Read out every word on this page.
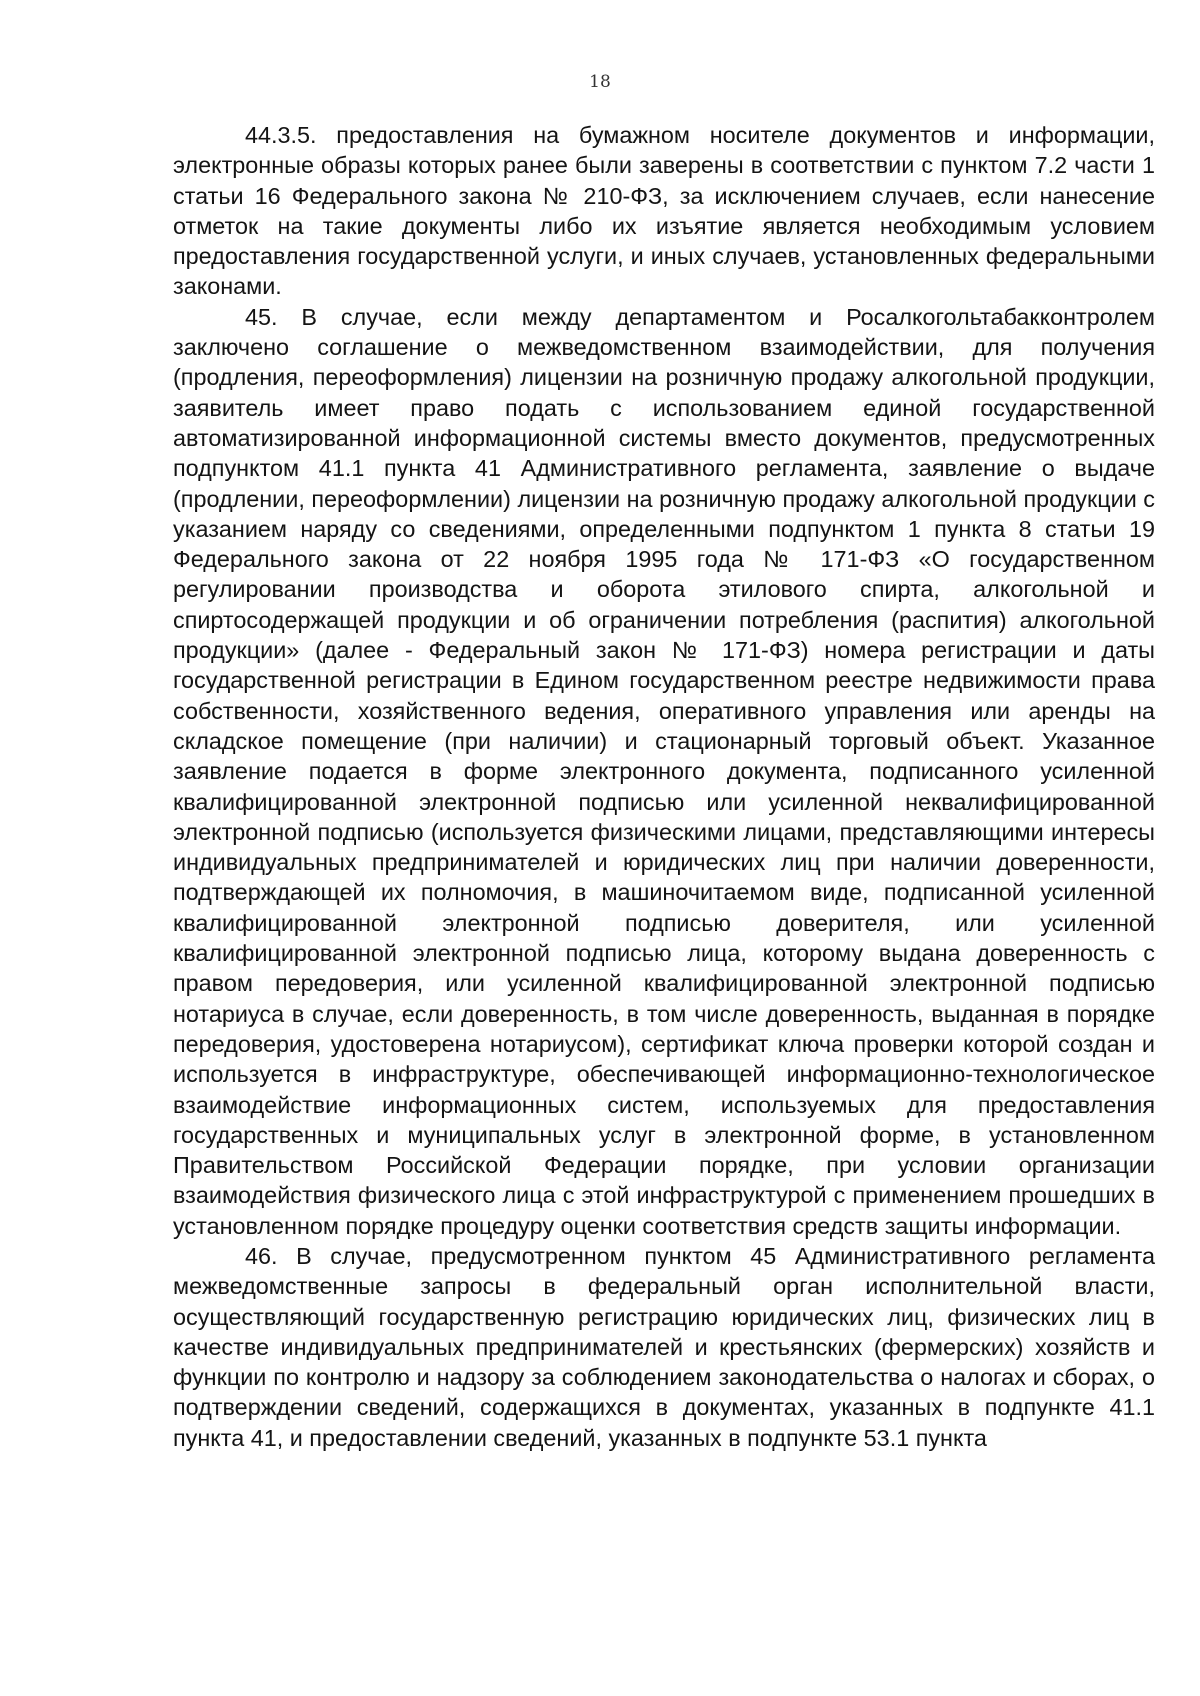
18

44.3.5. предоставления на бумажном носителе документов и информации, электронные образы которых ранее были заверены в соответствии с пунктом 7.2 части 1 статьи 16 Федерального закона № 210-ФЗ, за исключением случаев, если нанесение отметок на такие документы либо их изъятие является необходимым условием предоставления государственной услуги, и иных случаев, установленных федеральными законами.

45. В случае, если между департаментом и Росалкогольтабакконтролем заключено соглашение о межведомственном взаимодействии, для получения (продления, переоформления) лицензии на розничную продажу алкогольной продукции, заявитель имеет право подать с использованием единой государственной автоматизированной информационной системы вместо документов, предусмотренных подпунктом 41.1 пункта 41 Административного регламента, заявление о выдаче (продлении, переоформлении) лицензии на розничную продажу алкогольной продукции с указанием наряду со сведениями, определенными подпунктом 1 пункта 8 статьи 19 Федерального закона от 22 ноября 1995 года № 171-ФЗ «О государственном регулировании производства и оборота этилового спирта, алкогольной и спиртосодержащей продукции и об ограничении потребления (распития) алкогольной продукции» (далее - Федеральный закон № 171-ФЗ) номера регистрации и даты государственной регистрации в Едином государственном реестре недвижимости права собственности, хозяйственного ведения, оперативного управления или аренды на складское помещение (при наличии) и стационарный торговый объект. Указанное заявление подается в форме электронного документа, подписанного усиленной квалифицированной электронной подписью или усиленной неквалифицированной электронной подписью (используется физическими лицами, представляющими интересы индивидуальных предпринимателей и юридических лиц при наличии доверенности, подтверждающей их полномочия, в машиночитаемом виде, подписанной усиленной квалифицированной электронной подписью доверителя, или усиленной квалифицированной электронной подписью лица, которому выдана доверенность с правом передоверия, или усиленной квалифицированной электронной подписью нотариуса в случае, если доверенность, в том числе доверенность, выданная в порядке передоверия, удостоверена нотариусом), сертификат ключа проверки которой создан и используется в инфраструктуре, обеспечивающей информационно-технологическое взаимодействие информационных систем, используемых для предоставления государственных и муниципальных услуг в электронной форме, в установленном Правительством Российской Федерации порядке, при условии организации взаимодействия физического лица с этой инфраструктурой с применением прошедших в установленном порядке процедуру оценки соответствия средств защиты информации.

46. В случае, предусмотренном пунктом 45 Административного регламента межведомственные запросы в федеральный орган исполнительной власти, осуществляющий государственную регистрацию юридических лиц, физических лиц в качестве индивидуальных предпринимателей и крестьянских (фермерских) хозяйств и функции по контролю и надзору за соблюдением законодательства о налогах и сборах, о подтверждении сведений, содержащихся в документах, указанных в подпункте 41.1 пункта 41, и предоставлении сведений, указанных в подпункте 53.1 пункта
